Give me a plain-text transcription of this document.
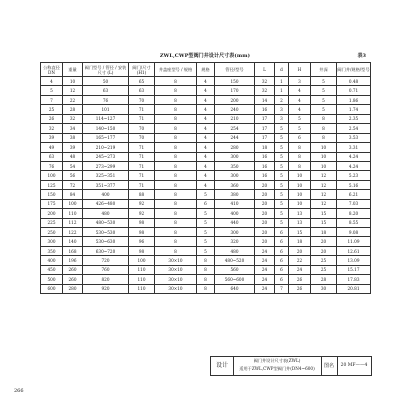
ZWL,CWP型阀门井设计尺寸表(mm)	表3
公称直径DN	重量	阀门型号 / 管径 / 安装尺寸 (L)	阀门/尺寸 (H1)	井盖座型号 / 规格	规格	管径/型号	L	d	H	井深	阀门井/规格/型号
4	10	50	65	8	4	150	32	1	3	5	0.48
5	12	63	63	8	4	170	32	1	4	5	0.71
7	22	76	70	8	4	200	14	2	4	5	1.86
25	28	101	71	8	4	240	16	3	4	5	1.74
26	32	114~127	71	8	4	210	17	3	5	8	2.35
32	34	140~150	70	8	4	254	17	5	5	8	2.54
39	38	165~177	70	8	4	244	17	5	6	8	3.53
49	39	210~219	71	8	4	280	18	5	8	10	3.31
63	48	245~273	71	8	4	300	16	5	8	10	4.24
76	54	273~299	71	8	4	350	16	5	8	10	4.24
100	56	325~351	71	8	4	300	16	5	10	12	5.23
125	72	351~377	71	8	4	360	20	5	10	12	5.16
150	84	400	88	8	5	380	20	5	10	12	6.21
175	100	426~480	92	8	6	410	20	5	10	12	7.03
200	110	480	92	8	5	400	20	5	13	15	8.20
225	112	480~530	98	8	5	440	20	5	13	15	8.55
250	122	530~530	98	8	5	300	20	6	15	18	9.08
300	140	530~630	96	8	5	320	20	6	18	20	11.09
350	168	630~720	98	8	5	480	24	6	20	20	12.61
400	196	720	100	30×10	8	480~520	24	6	22	25	13.09
450	260	760	110	30×10	8	560	24	6	24	25	15.17
500	260	820	110	30×10	8	560~600	24	6	26	28	17.83
600	280	920	110	30×10	8	640	24	7	26	30	20.81
设计
阀门井设计尺寸表(ZWL)
适用于ZWL,CWP型阀门井(DN4~600)	图名	20 MF——4
266
